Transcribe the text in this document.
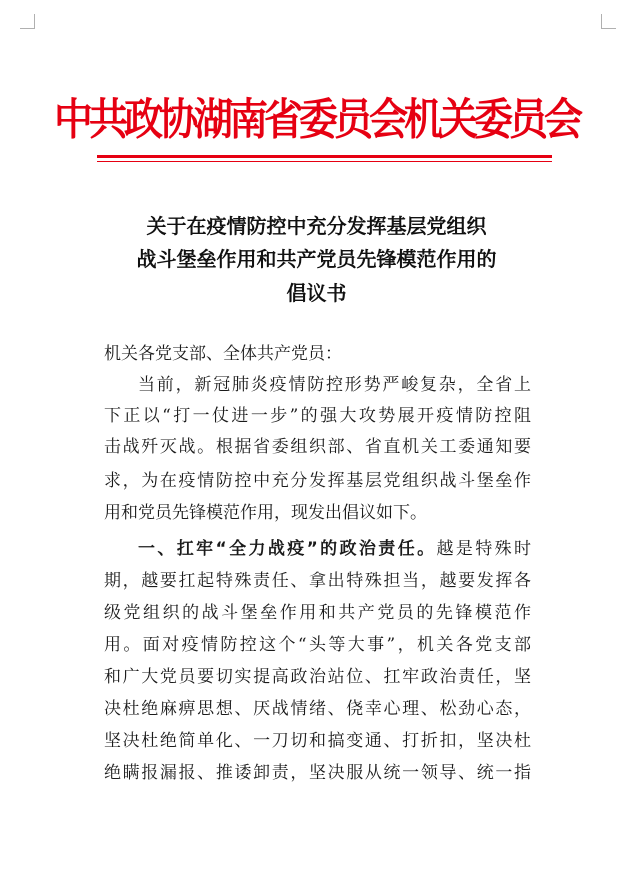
中共政协湖南省委员会机关委员会
关于在疫情防控中充分发挥基层党组织
战斗堡垒作用和共产党员先锋模范作用的
倡议书
机关各党支部、全体共产党员：
当前，新冠肺炎疫情防控形势严峻复杂，全省上
下正以“打一仗进一步”的强大攻势展开疫情防控阻
击战歼灭战。根据省委组织部、省直机关工委通知要
求，为在疫情防控中充分发挥基层党组织战斗堡垒作
用和党员先锋模范作用，现发出倡议如下。
一、扛牢“全力战疫”的政治责任。越是特殊时
期，越要扛起特殊责任、拿出特殊担当，越要发挥各
级党组织的战斗堡垒作用和共产党员的先锋模范作
用。面对疫情防控这个“头等大事”，机关各党支部
和广大党员要切实提高政治站位、扛牢政治责任，坚
决杜绝麻痹思想、厌战情绪、侥幸心理、松劲心态，
坚决杜绝简单化、一刀切和搞变通、打折扣，坚决杜
绝瞒报漏报、推诿卸责，坚决服从统一领导、统一指
